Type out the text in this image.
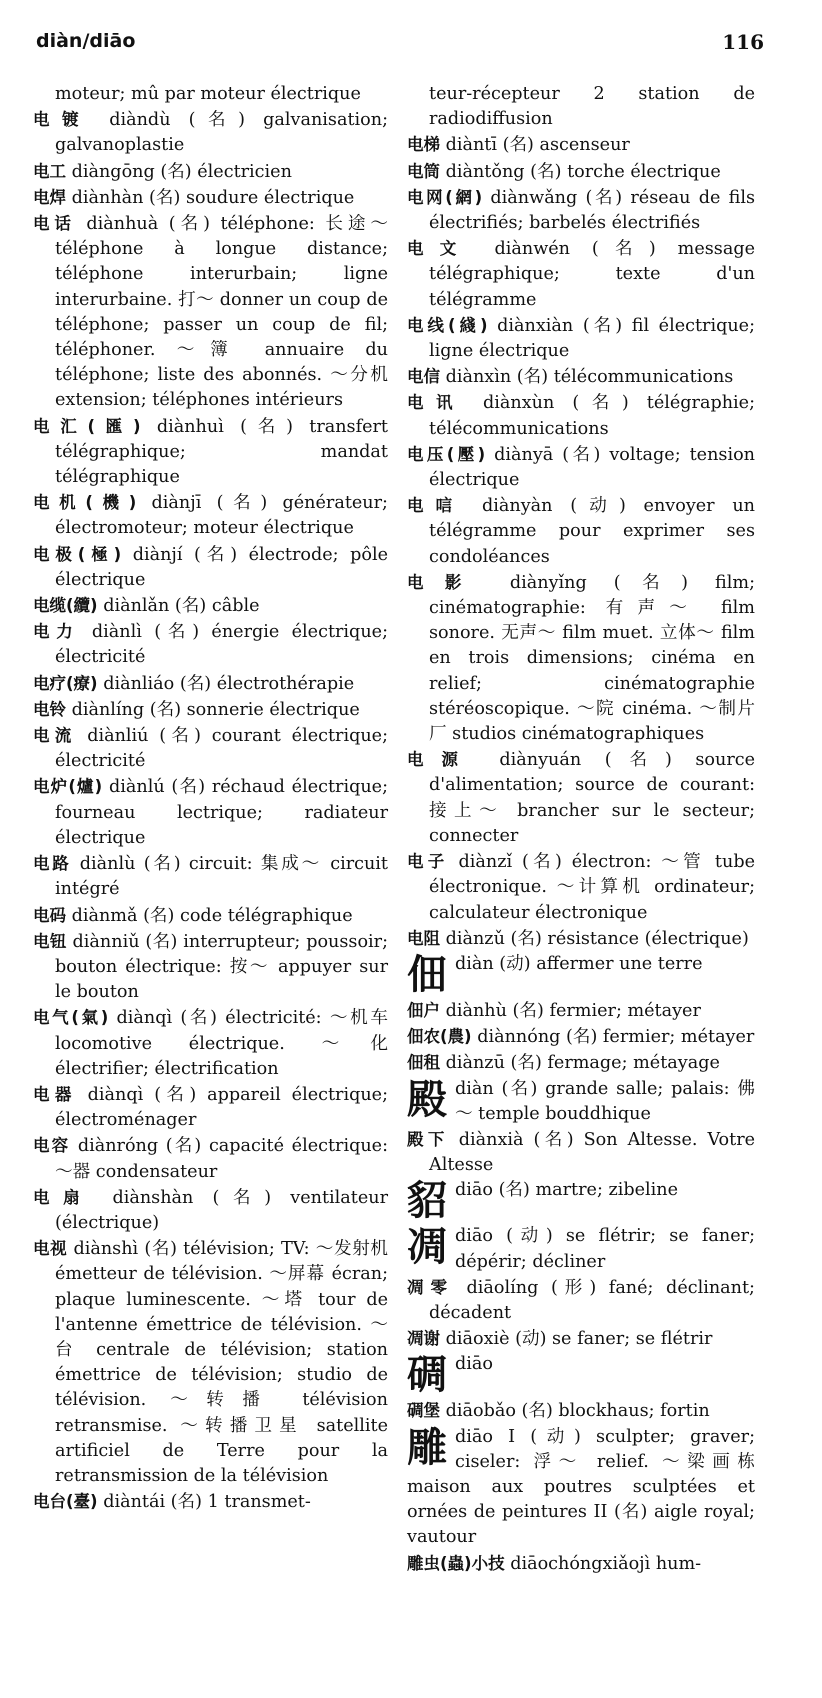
diàn/diāo	116

moteur; mû par moteur électrique

电镀 diàndù (名) galvanisation; galvanoplastie

电工 diàngōng (名) électricien

电焊 diànhàn (名) soudure électrique

电话 diànhuà (名) téléphone: 长途～ téléphone à longue distance; téléphone interurbain; ligne interurbaine. 打～ donner un coup de téléphone; passer un coup de fil; téléphoner. ～簿 annuaire du téléphone; liste des abonnés. ～分机 extension; téléphones intérieurs

电汇(匯) diànhuì (名) transfert télégraphique; mandat télégraphique

电机(機) diànjī (名) générateur; électromoteur; moteur électrique

电极(極) diànjí (名) électrode; pôle électrique

电缆(纜) diànlǎn (名) câble

电力 diànlì (名) énergie électrique; électricité

电疗(療) diànliáo (名) électrothérapie

电铃 diànlíng (名) sonnerie électrique

电流 diànliú (名) courant électrique; électricité

电炉(爐) diànlú (名) réchaud électrique; fourneau lectrique; radiateur électrique

电路 diànlù (名) circuit: 集成～ circuit intégré

电码 diànmǎ (名) code télégraphique

电钮 diànniǔ (名) interrupteur; poussoir; bouton électrique: 按～ appuyer sur le bouton

电气(氣) diànqì (名) électricité: ～机车 locomotive électrique. ～化 électrifier; électrification

电器 diànqì (名) appareil électrique; électroménager

电容 diànróng (名) capacité électrique: ～器 condensateur

电扇 diànshàn (名) ventilateur (électrique)

电视 diànshì (名) télévision; TV: ～发射机 émetteur de télévision. ～屏幕 écran; plaque luminescente. ～塔 tour de l'antenne émettrice de télévision. ～台 centrale de télévision; station émettrice de télévision; studio de télévision. ～转播 télévision retransmise. ～转播卫星 satellite artificiel de Terre pour la retransmission de la télévision

电台(臺) diàntái (名) 1 transmet-

teur-récepteur 2 station de radiodiffusion

电梯 diàntī (名) ascenseur

电筒 diàntǒng (名) torche électrique

电网(網) diànwǎng (名) réseau de fils électrifiés; barbelés électrifiés

电文 diànwén (名) message télégraphique; texte d'un télégramme

电线(綫) diànxiàn (名) fil électrique; ligne électrique

电信 diànxìn (名) télécommunications

电讯 diànxùn (名) télégraphie; télécommunications

电压(壓) diànyā (名) voltage; tension électrique

电唁 diànyàn (动) envoyer un télégramme pour exprimer ses condoléances

电影 diànyǐng (名) film; cinématographie: 有声～ film sonore. 无声～ film muet. 立体～ film en trois dimensions; cinéma en relief; cinématographie stéréoscopique. ～院 cinéma. ～制片厂 studios cinématographiques

电源 diànyuán (名) source d'alimentation; source de courant: 接上～ brancher sur le secteur; connecter

电子 diànzǐ (名) électron: ～管 tube électronique. ～计算机 ordinateur; calculateur électronique

电阻 diànzǔ (名) résistance (électrique)

佃diàn (动) affermer une terre

佃户 diànhù (名) fermier; métayer

佃农(農) diànnóng (名) fermier; métayer

佃租 diànzū (名) fermage; métayage

殿diàn (名) grande salle; palais: 佛～ temple bouddhique

殿下 diànxià (名) Son Altesse. Votre Altesse

貂diāo (名) martre; zibeline

凋diāo (动) se flétrir; se faner; dépérir; décliner

凋零 diāolíng (形) fané; déclinant; décadent

凋谢 diāoxiè (动) se faner; se flétrir

碉diāo

碉堡 diāobǎo (名) blockhaus; fortin

雕diāo I (动) sculpter; graver; ciseler: 浮～ relief. ～梁画栋 maison aux poutres sculptées et ornées de peintures II (名) aigle royal; vautour

雕虫(蟲)小技 diāochóngxiǎojì hum-
